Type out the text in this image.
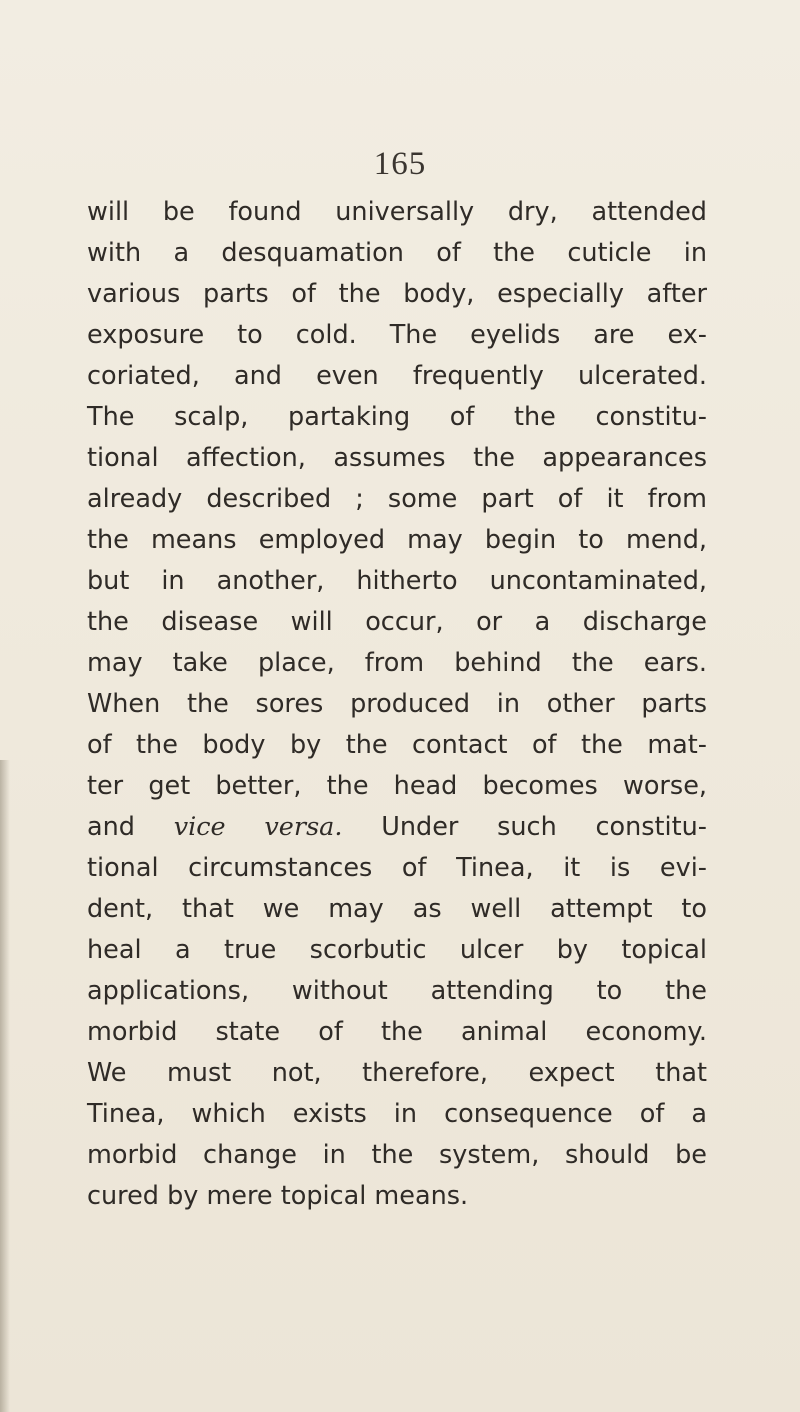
165
will be found universally dry, attended
with a desquamation of the cuticle in
various parts of the body, especially after
exposure to cold. The eyelids are ex-
coriated, and even frequently ulcerated.
The scalp, partaking of the constitu-
tional affection, assumes the appearances
already described ; some part of it from
the means employed may begin to mend,
but in another, hitherto uncontaminated,
the disease will occur, or a discharge
may take place, from behind the ears.
When the sores produced in other parts
of the body by the contact of the mat-
ter get better, the head becomes worse,
and vice versa. Under such constitu-
tional circumstances of Tinea, it is evi-
dent, that we may as well attempt to
heal a true scorbutic ulcer by topical
applications, without attending to the
morbid state of the animal economy.
We must not, therefore, expect that
Tinea, which exists in consequence of a
morbid change in the system, should be
cured by mere topical means.
